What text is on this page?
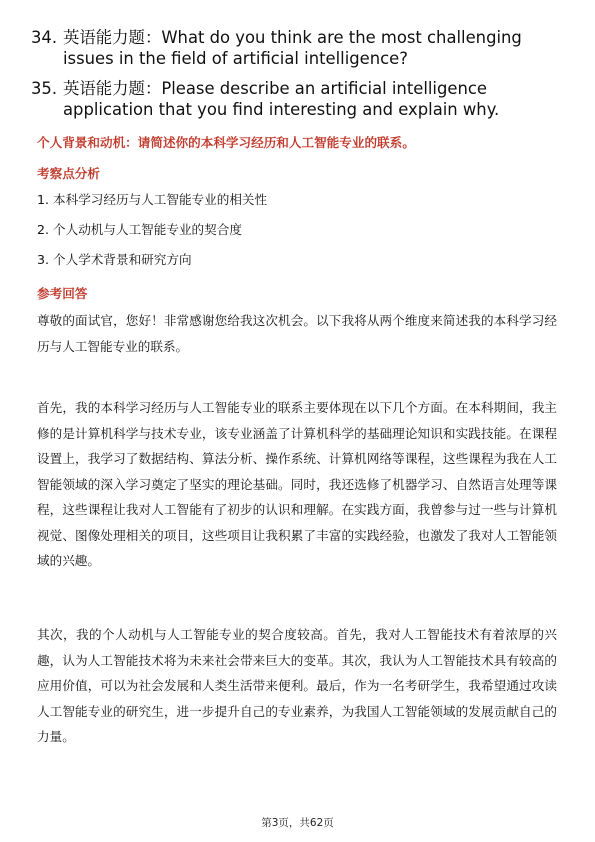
34. 英语能力题：What do you think are the most challenging issues in the field of artificial intelligence?
35. 英语能力题：Please describe an artificial intelligence application that you find interesting and explain why.
个人背景和动机：请简述你的本科学习经历和人工智能专业的联系。
考察点分析
1. 本科学习经历与人工智能专业的相关性
2. 个人动机与人工智能专业的契合度
3. 个人学术背景和研究方向
参考回答
尊敬的面试官，您好！非常感谢您给我这次机会。以下我将从两个维度来简述我的本科学习经历与人工智能专业的联系。
首先，我的本科学习经历与人工智能专业的联系主要体现在以下几个方面。在本科期间，我主修的是计算机科学与技术专业，该专业涵盖了计算机科学的基础理论知识和实践技能。在课程设置上，我学习了数据结构、算法分析、操作系统、计算机网络等课程，这些课程为我在人工智能领域的深入学习奠定了坚实的理论基础。同时，我还选修了机器学习、自然语言处理等课程，这些课程让我对人工智能有了初步的认识和理解。在实践方面，我曾参与过一些与计算机视觉、图像处理相关的项目，这些项目让我积累了丰富的实践经验，也激发了我对人工智能领域的兴趣。
其次，我的个人动机与人工智能专业的契合度较高。首先，我对人工智能技术有着浓厚的兴趣，认为人工智能技术将为未来社会带来巨大的变革。其次，我认为人工智能技术具有较高的应用价值，可以为社会发展和人类生活带来便利。最后，作为一名考研学生，我希望通过攻读人工智能专业的研究生，进一步提升自己的专业素养，为我国人工智能领域的发展贡献自己的力量。
第3页，共62页
